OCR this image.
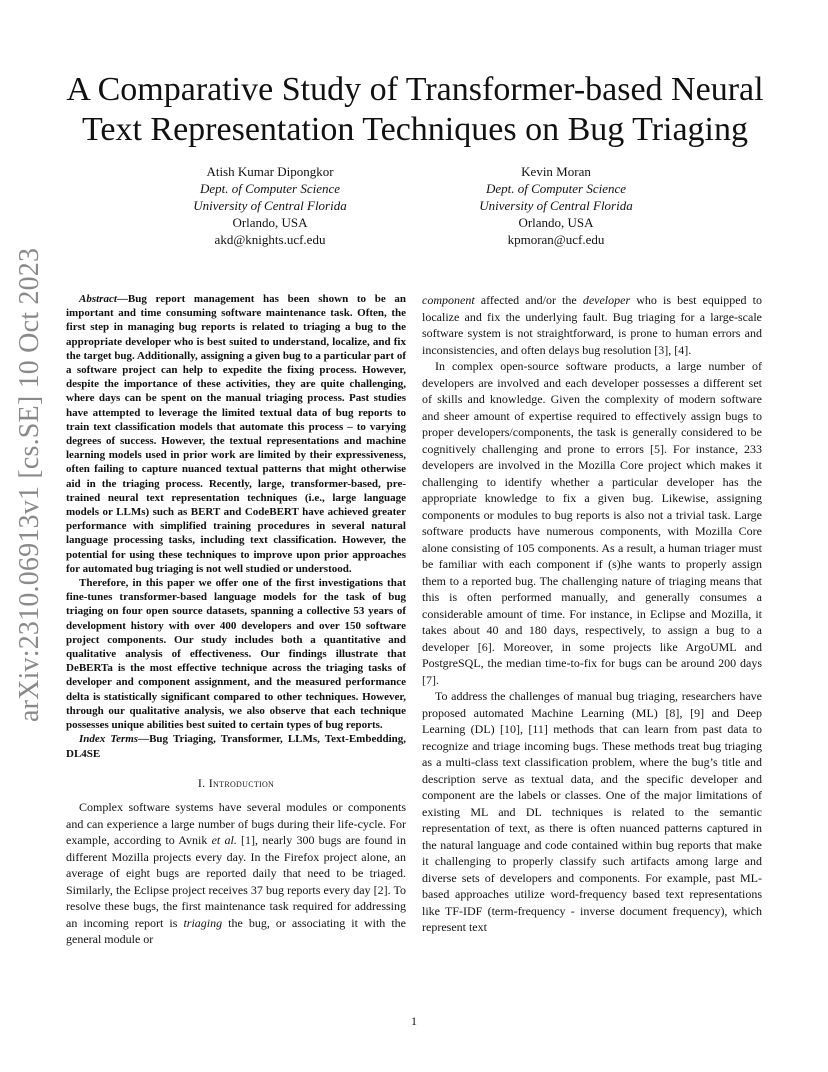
arXiv:2310.06913v1 [cs.SE] 10 Oct 2023
A Comparative Study of Transformer-based Neural Text Representation Techniques on Bug Triaging
Atish Kumar Dipongkor
Dept. of Computer Science
University of Central Florida
Orlando, USA
akd@knights.ucf.edu
Kevin Moran
Dept. of Computer Science
University of Central Florida
Orlando, USA
kpmoran@ucf.edu

Abstract—Bug report management has been shown to be an important and time consuming software maintenance task. Often, the first step in managing bug reports is related to triaging a bug to the appropriate developer who is best suited to understand, localize, and fix the target bug. Additionally, assigning a given bug to a particular part of a software project can help to expedite the fixing process. However, despite the importance of these activities, they are quite challenging, where days can be spent on the manual triaging process. Past studies have attempted to leverage the limited textual data of bug reports to train text classification models that automate this process – to varying degrees of success. However, the textual representations and machine learning models used in prior work are limited by their expressiveness, often failing to capture nuanced textual patterns that might otherwise aid in the triaging process. Recently, large, transformer-based, pre-trained neural text representation techniques (i.e., large language models or LLMs) such as BERT and CodeBERT have achieved greater performance with simplified training procedures in several natural language processing tasks, including text classification. However, the potential for using these techniques to improve upon prior approaches for automated bug triaging is not well studied or understood.

Therefore, in this paper we offer one of the first investigations that fine-tunes transformer-based language models for the task of bug triaging on four open source datasets, spanning a collective 53 years of development history with over 400 developers and over 150 software project components. Our study includes both a quantitative and qualitative analysis of effectiveness. Our findings illustrate that DeBERTa is the most effective technique across the triaging tasks of developer and component assignment, and the measured performance delta is statistically significant compared to other techniques. However, through our qualitative analysis, we also observe that each technique possesses unique abilities best suited to certain types of bug reports.

Index Terms—Bug Triaging, Transformer, LLMs, Text-Embedding, DL4SE

I. Introduction

Complex software systems have several modules or components and can experience a large number of bugs during their life-cycle. For example, according to Avnik et al. [1], nearly 300 bugs are found in different Mozilla projects every day. In the Firefox project alone, an average of eight bugs are reported daily that need to be triaged. Similarly, the Eclipse project receives 37 bug reports every day [2]. To resolve these bugs, the first maintenance task required for addressing an incoming report is triaging the bug, or associating it with the general module or

component affected and/or the developer who is best equipped to localize and fix the underlying fault. Bug triaging for a large-scale software system is not straightforward, is prone to human errors and inconsistencies, and often delays bug resolution [3], [4].

In complex open-source software products, a large number of developers are involved and each developer possesses a different set of skills and knowledge. Given the complexity of modern software and sheer amount of expertise required to effectively assign bugs to proper developers/components, the task is generally considered to be cognitively challenging and prone to errors [5]. For instance, 233 developers are involved in the Mozilla Core project which makes it challenging to identify whether a particular developer has the appropriate knowledge to fix a given bug. Likewise, assigning components or modules to bug reports is also not a trivial task. Large software products have numerous components, with Mozilla Core alone consisting of 105 components. As a result, a human triager must be familiar with each component if (s)he wants to properly assign them to a reported bug. The challenging nature of triaging means that this is often performed manually, and generally consumes a considerable amount of time. For instance, in Eclipse and Mozilla, it takes about 40 and 180 days, respectively, to assign a bug to a developer [6]. Moreover, in some projects like ArgoUML and PostgreSQL, the median time-to-fix for bugs can be around 200 days [7].

To address the challenges of manual bug triaging, researchers have proposed automated Machine Learning (ML) [8], [9] and Deep Learning (DL) [10], [11] methods that can learn from past data to recognize and triage incoming bugs. These methods treat bug triaging as a multi-class text classification problem, where the bug’s title and description serve as textual data, and the specific developer and component are the labels or classes. One of the major limitations of existing ML and DL techniques is related to the semantic representation of text, as there is often nuanced patterns captured in the natural language and code contained within bug reports that make it challenging to properly classify such artifacts among large and diverse sets of developers and components. For example, past ML-based approaches utilize word-frequency based text representations like TF-IDF (term-frequency - inverse document frequency), which represent text

1
